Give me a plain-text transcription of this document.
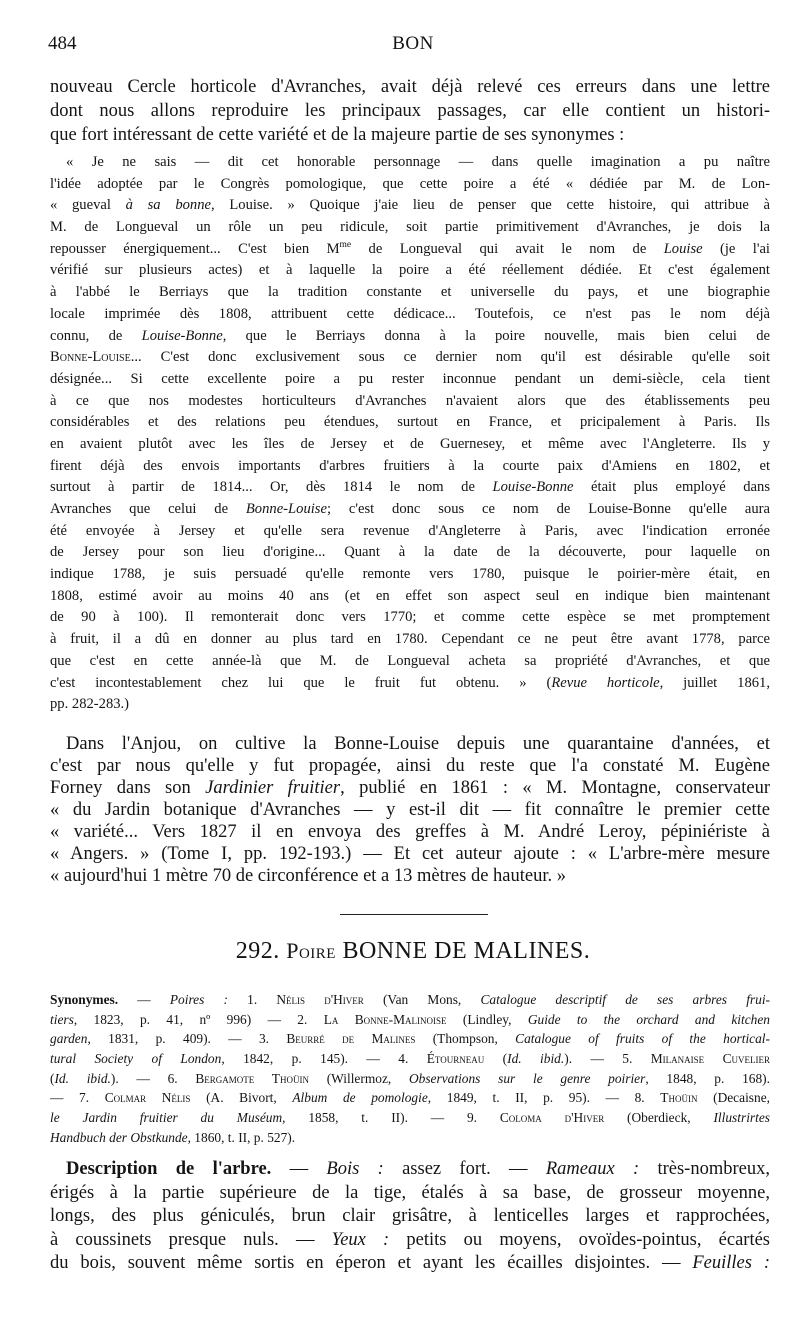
484	BON
nouveau Cercle horticole d'Avranches, avait déjà relevé ces erreurs dans une lettre
dont nous allons reproduire les principaux passages, car elle contient un histori-
que fort intéressant de cette variété et de la majeure partie de ses synonymes :
« Je ne sais — dit cet honorable personnage — dans quelle imagination a pu naître
l'idée adoptée par le Congrès pomologique, que cette poire a été « dédiée par M. de Lon-
« gueval à sa bonne, Louise. » Quoique j'aie lieu de penser que cette histoire, qui attribue à
M. de Longueval un rôle un peu ridicule, soit partie primitivement d'Avranches, je dois la
repousser énergiquement... C'est bien $M^{me}$ de Longueval qui avait le nom de Louise (je l'ai
vérifié sur plusieurs actes) et à laquelle la poire a été réellement dédiée. Et c'est également
à l'abbé le Berriays que la tradition constante et universelle du pays, et une biographie
locale imprimée dès 1808, attribuent cette dédicace... Toutefois, ce n'est pas le nom déjà
connu, de Louise-Bonne, que le Berriays donna à la poire nouvelle, mais bien celui de
Bonne-Louise... C'est donc exclusivement sous ce dernier nom qu'il est désirable qu'elle soit
désignée... Si cette excellente poire a pu rester inconnue pendant un demi-siècle, cela tient
à ce que nos modestes horticulteurs d'Avranches n'avaient alors que des établissements peu
considérables et des relations peu étendues, surtout en France, et pricipalement à Paris. Ils
en avaient plutôt avec les îles de Jersey et de Guernesey, et même avec l'Angleterre. Ils y
firent déjà des envois importants d'arbres fruitiers à la courte paix d'Amiens en 1802, et
surtout à partir de 1814... Or, dès 1814 le nom de Louise-Bonne était plus employé dans
Avranches que celui de Bonne-Louise; c'est donc sous ce nom de Louise-Bonne qu'elle aura
été envoyée à Jersey et qu'elle sera revenue d'Angleterre à Paris, avec l'indication erronée
de Jersey pour son lieu d'origine... Quant à la date de la découverte, pour laquelle on
indique 1788, je suis persuadé qu'elle remonte vers 1780, puisque le poirier-mère était, en
1808, estimé avoir au moins 40 ans (et en effet son aspect seul en indique bien maintenant
de 90 à 100). Il remonterait donc vers 1770; et comme cette espèce se met promptement
à fruit, il a dû en donner au plus tard en 1780. Cependant ce ne peut être avant 1778, parce
que c'est en cette année-là que M. de Longueval acheta sa propriété d'Avranches, et que
c'est incontestablement chez lui que le fruit fut obtenu. » (Revue horticole, juillet 1861,
pp. 282-283.)
Dans l'Anjou, on cultive la Bonne-Louise depuis une quarantaine d'années, et
c'est par nous qu'elle y fut propagée, ainsi du reste que l'a constaté M. Eugène
Forney dans son Jardinier fruitier, publié en 1861 : « M. Montagne, conservateur
« du Jardin botanique d'Avranches — y est-il dit — fit connaître le premier cette
« variété... Vers 1827 il en envoya des greffes à M. André Leroy, pépiniériste à
« Angers. » (Tome I, pp. 192-193.) — Et cet auteur ajoute : « L'arbre-mère mesure
« aujourd'hui 1 mètre 70 de circonférence et a 13 mètres de hauteur. »
292. Poire BONNE DE MALINES.
Synonymes. — Poires : 1. Nélis d'Hiver (Van Mons, Catalogue descriptif de ses arbres frui-
tiers, 1823, p. 41, nº 996) — 2. La Bonne-Malinoise (Lindley, Guide to the orchard and kitchen
garden, 1831, p. 409). — 3. Beurré de Malines (Thompson, Catalogue of fruits of the hortical-
tural Society of London, 1842, p. 145). — 4. Étourneau (Id. ibid.). — 5. Milanaise Cuvelier
(Id. ibid.). — 6. Bergamote Thoüin (Willermoz, Observations sur le genre poirier, 1848, p. 168).
— 7. Colmar Nélis (A. Bivort, Album de pomologie, 1849, t. II, p. 95). — 8. Thoüin (Decaisne,
le Jardin fruitier du Muséum, 1858, t. II). — 9. Coloma d'Hiver (Oberdieck, Illustrirtes
Handbuch der Obstkunde, 1860, t. II, p. 527).
Description de l'arbre. — Bois : assez fort. — Rameaux : très-nombreux,
érigés à la partie supérieure de la tige, étalés à sa base, de grosseur moyenne,
longs, des plus géniculés, brun clair grisâtre, à lenticelles larges et rapprochées,
à coussinets presque nuls. — Yeux : petits ou moyens, ovoïdes-pointus, écartés
du bois, souvent même sortis en éperon et ayant les écailles disjointes. — Feuilles :
